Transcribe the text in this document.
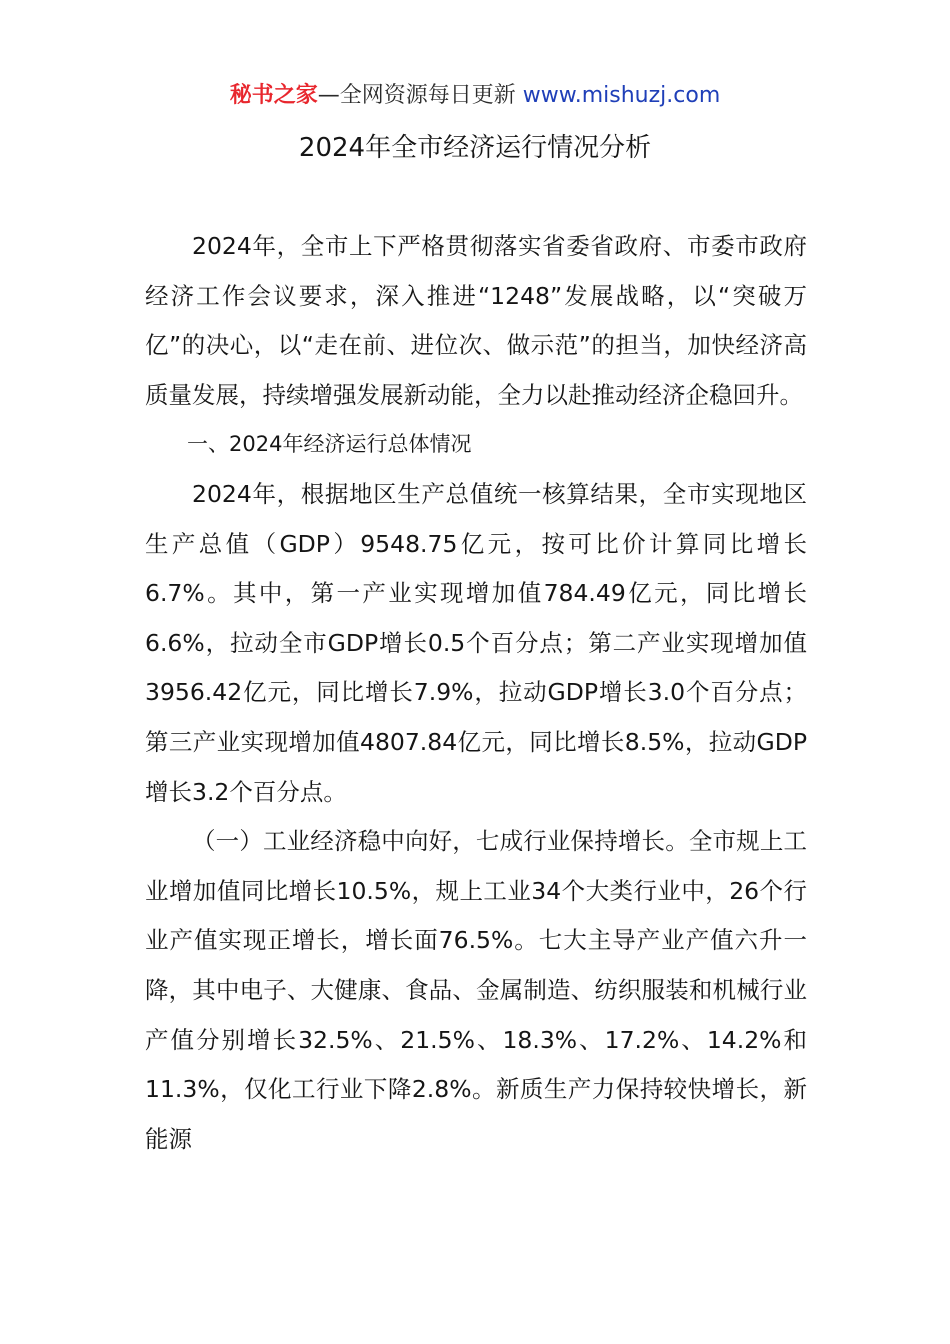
秘书之家—全网资源每日更新 www.mishuzj.com
2024年全市经济运行情况分析

2024年，全市上下严格贯彻落实省委省政府、市委市政府经济工作会议要求，深入推进“1248”发展战略，以“突破万亿”的决心，以“走在前、进位次、做示范”的担当，加快经济高质量发展，持续增强发展新动能，全力以赴推动经济企稳回升。

一、2024年经济运行总体情况

2024年，根据地区生产总值统一核算结果，全市实现地区生产总值（GDP）9548.75亿元，按可比价计算同比增长6.7%。其中，第一产业实现增加值784.49亿元，同比增长6.6%，拉动全市GDP增长0.5个百分点；第二产业实现增加值3956.42亿元，同比增长7.9%，拉动GDP增长3.0个百分点；第三产业实现增加值4807.84亿元，同比增长8.5%，拉动GDP增长3.2个百分点。

（一）工业经济稳中向好，七成行业保持增长。全市规上工业增加值同比增长10.5%，规上工业34个大类行业中，26个行业产值实现正增长，增长面76.5%。七大主导产业产值六升一降，其中电子、大健康、食品、金属制造、纺织服装和机械行业产值分别增长32.5%、21.5%、18.3%、17.2%、14.2%和11.3%，仅化工行业下降2.8%。新质生产力保持较快增长，新能源
